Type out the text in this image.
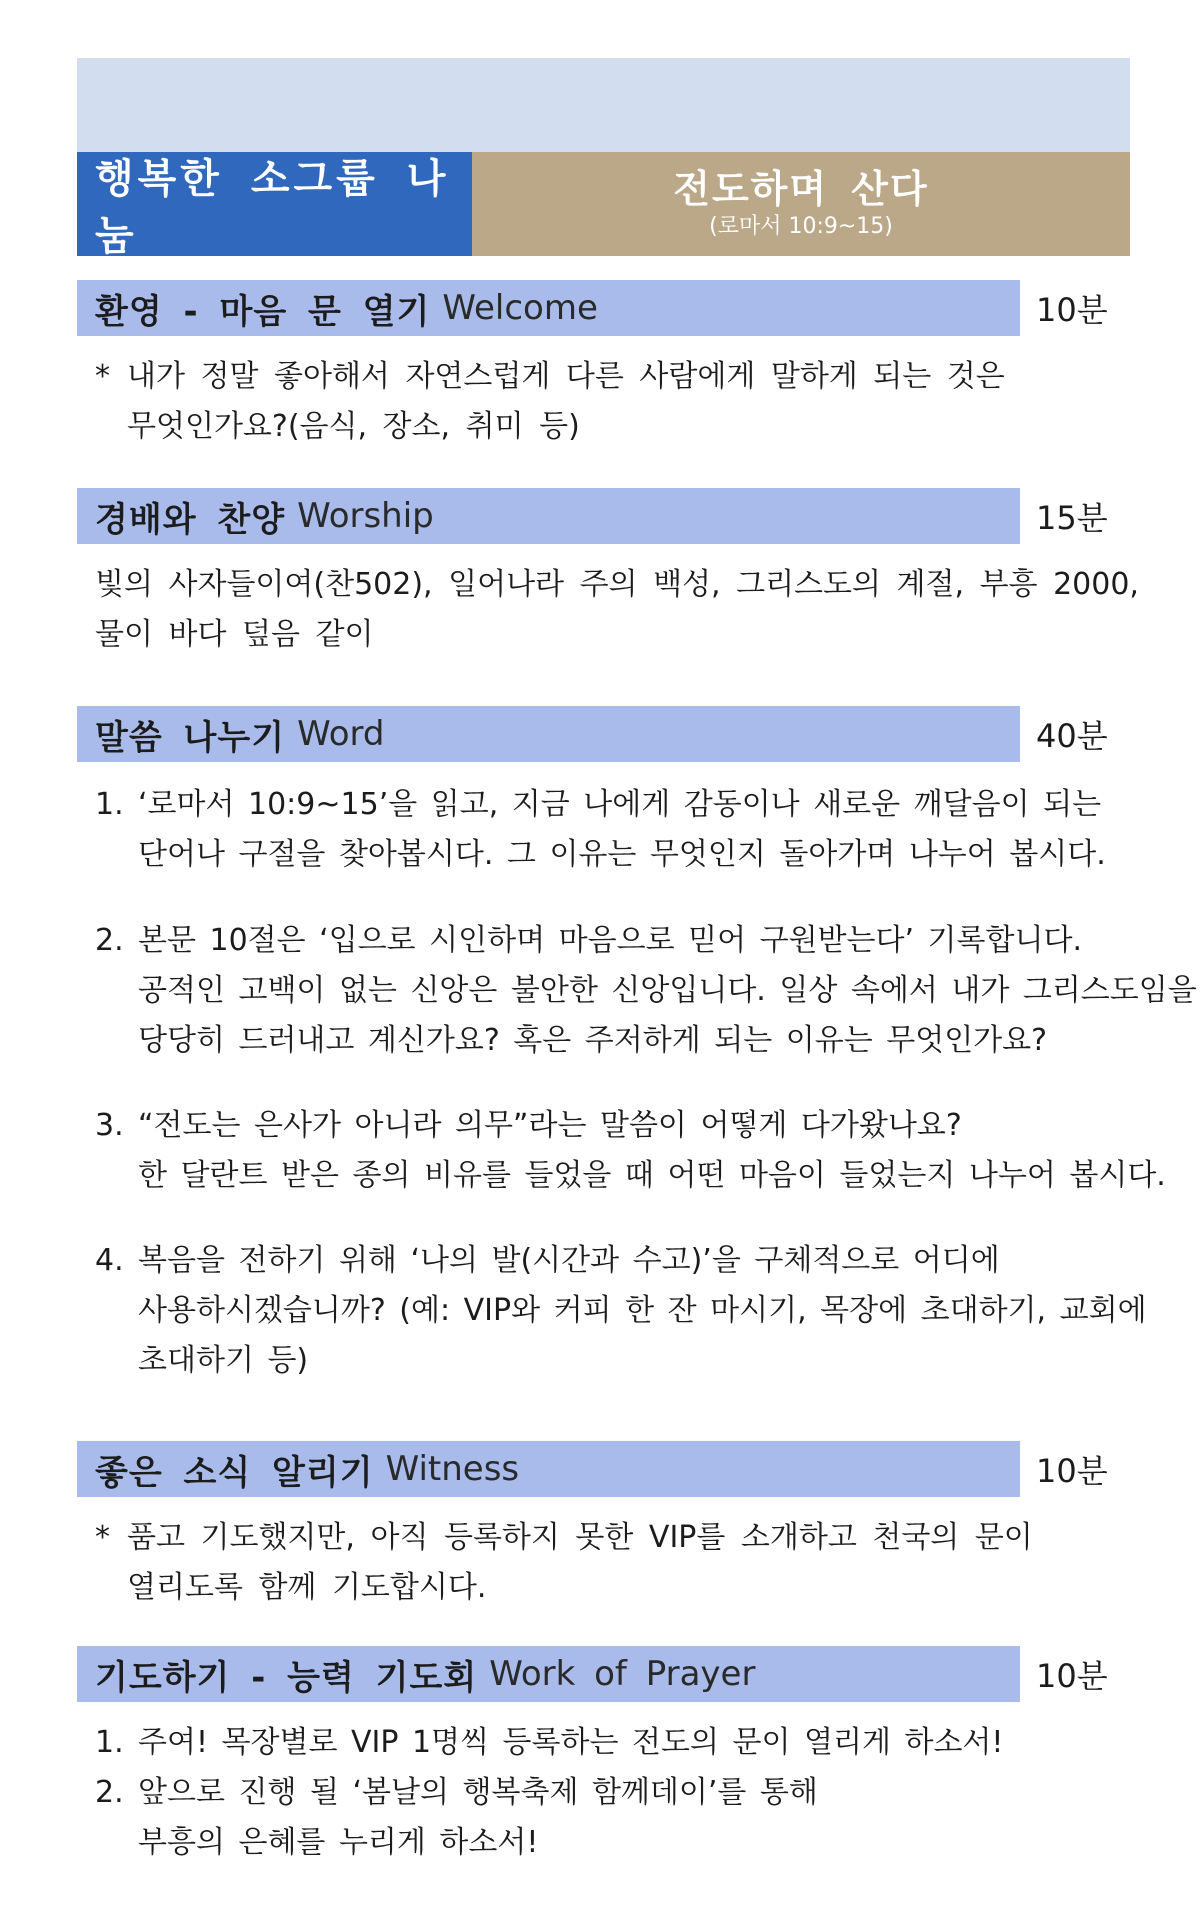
행복한 소그룹 나눔
전도하며 산다
(로마서 10:9~15)
환영 - 마음 문 열기 Welcome	10분
* 내가 정말 좋아해서 자연스럽게 다른 사람에게 말하게 되는 것은
무엇인가요?(음식, 장소, 취미 등)
경배와 찬양 Worship	15분
빛의 사자들이여(찬502), 일어나라 주의 백성, 그리스도의 계절, 부흥 2000,
물이 바다 덮음 같이
말씀 나누기 Word	40분
1. ‘로마서 10:9~15’을 읽고, 지금 나에게 감동이나 새로운 깨달음이 되는
단어나 구절을 찾아봅시다. 그 이유는 무엇인지 돌아가며 나누어 봅시다.
2. 본문 10절은 ‘입으로 시인하며 마음으로 믿어 구원받는다’ 기록합니다.
공적인 고백이 없는 신앙은 불안한 신앙입니다. 일상 속에서 내가 그리스도임을
당당히 드러내고 계신가요? 혹은 주저하게 되는 이유는 무엇인가요?
3. “전도는 은사가 아니라 의무”라는 말씀이 어떻게 다가왔나요?
한 달란트 받은 종의 비유를 들었을 때 어떤 마음이 들었는지 나누어 봅시다.
4. 복음을 전하기 위해 ‘나의 발(시간과 수고)’을 구체적으로 어디에
사용하시겠습니까? (예: VIP와 커피 한 잔 마시기, 목장에 초대하기, 교회에
초대하기 등)
좋은 소식 알리기 Witness	10분
* 품고 기도했지만, 아직 등록하지 못한 VIP를 소개하고 천국의 문이
열리도록 함께 기도합시다.
기도하기 - 능력 기도회 Work of Prayer	10분
1. 주여! 목장별로 VIP 1명씩 등록하는 전도의 문이 열리게 하소서!
2. 앞으로 진행 될 ‘봄날의 행복축제 함께데이’를 통해
부흥의 은혜를 누리게 하소서!
